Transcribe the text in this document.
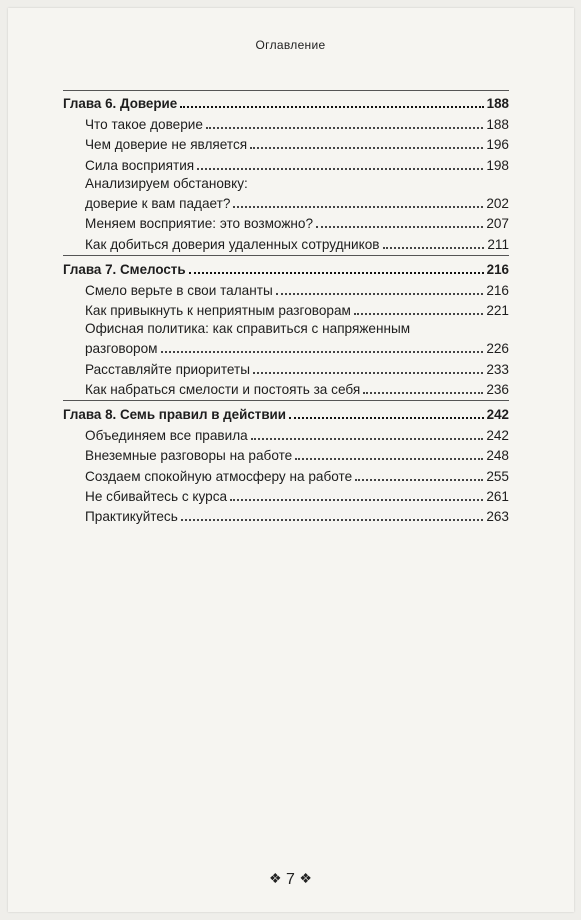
Оглавление
Глава 6. Доверие	188
Что такое доверие	188
Чем доверие не является	196
Сила восприятия	198
Анализируем обстановку:
доверие к вам падает?	202
Меняем восприятие: это возможно?	207
Как добиться доверия удаленных сотрудников	211
Глава 7. Смелость	216
Смело верьте в свои таланты	216
Как привыкнуть к неприятным разговорам	221
Офисная политика: как справиться с напряженным
разговором	226
Расставляйте приоритеты	233
Как набраться смелости и постоять за себя	236
Глава 8. Семь правил в действии	242
Объединяем все правила	242
Внеземные разговоры на работе	248
Создаем спокойную атмосферу на работе	255
Не сбивайтесь с курса	261
Практикуйтесь	263
❖ 7 ❖
